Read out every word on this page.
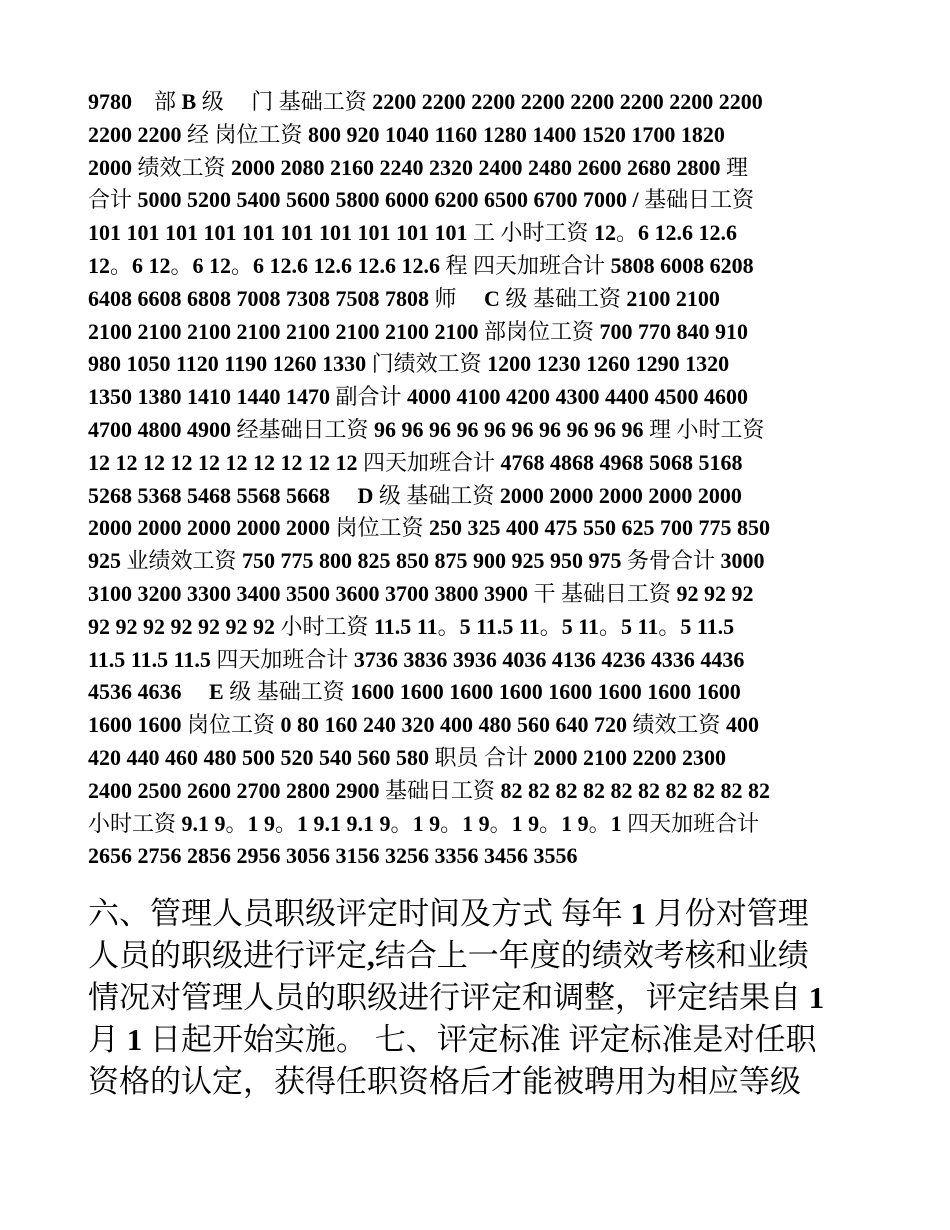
9780　部 B 级　 门 基础工资 2200 2200 2200 2200 2200 2200 2200 2200
2200 2200 经 岗位工资 800 920 1040 1160 1280 1400 1520 1700 1820
2000 绩效工资 2000 2080 2160 2240 2320 2400 2480 2600 2680 2800 理
合计 5000 5200 5400 5600 5800 6000 6200 6500 6700 7000 / 基础日工资
101 101 101 101 101 101 101 101 101 101 工 小时工资 12。6 12.6 12.6
12。6 12。6 12。6 12.6 12.6 12.6 12.6 程 四天加班合计 5808 6008 6208
6408 6608 6808 7008 7308 7508 7808 师　 C 级 基础工资 2100 2100
2100 2100 2100 2100 2100 2100 2100 2100 部岗位工资 700 770 840 910
980 1050 1120 1190 1260 1330 门绩效工资 1200 1230 1260 1290 1320
1350 1380 1410 1440 1470 副合计 4000 4100 4200 4300 4400 4500 4600
4700 4800 4900 经基础日工资 96 96 96 96 96 96 96 96 96 96 理 小时工资
12 12 12 12 12 12 12 12 12 12 四天加班合计 4768 4868 4968 5068 5168
5268 5368 5468 5568 5668　 D 级 基础工资 2000 2000 2000 2000 2000
2000 2000 2000 2000 2000 岗位工资 250 325 400 475 550 625 700 775 850
925 业绩效工资 750 775 800 825 850 875 900 925 950 975 务骨合计 3000
3100 3200 3300 3400 3500 3600 3700 3800 3900 干 基础日工资 92 92 92
92 92 92 92 92 92 92 小时工资 11.5 11。5 11.5 11。5 11。5 11。5 11.5
11.5 11.5 11.5 四天加班合计 3736 3836 3936 4036 4136 4236 4336 4436
4536 4636　 E 级 基础工资 1600 1600 1600 1600 1600 1600 1600 1600
1600 1600 岗位工资 0 80 160 240 320 400 480 560 640 720 绩效工资 400
420 440 460 480 500 520 540 560 580 职员 合计 2000 2100 2200 2300
2400 2500 2600 2700 2800 2900 基础日工资 82 82 82 82 82 82 82 82 82 82
小时工资 9.1 9。1 9。1 9.1 9.1 9。1 9。1 9。1 9。1 9。1 四天加班合计
2656 2756 2856 2956 3056 3156 3256 3356 3456 3556
六、管理人员职级评定时间及方式 每年 1 月份对管理
人员的职级进行评定,结合上一年度的绩效考核和业绩
情况对管理人员的职级进行评定和调整，评定结果自 1
月 1 日起开始实施。 七、评定标准 评定标准是对任职
资格的认定，获得任职资格后才能被聘用为相应等级
